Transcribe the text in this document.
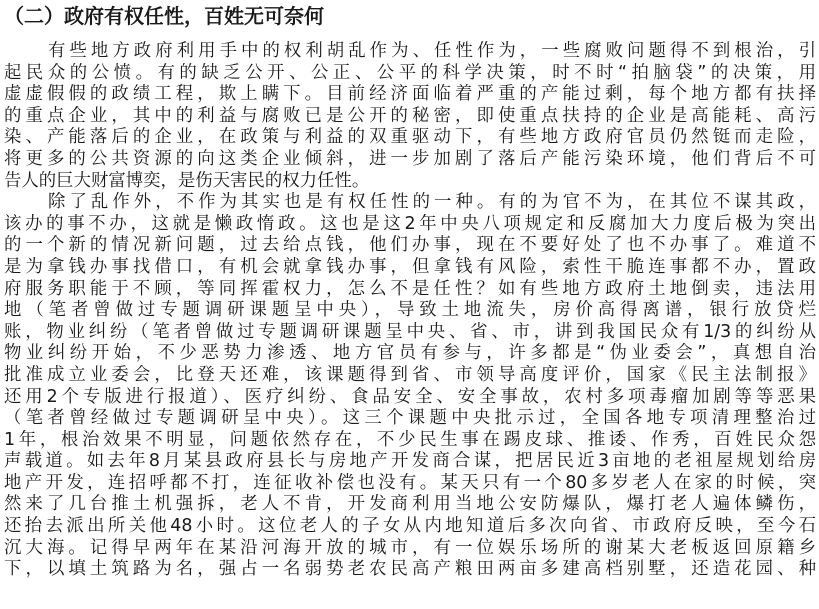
（二）政府有权任性，百姓无可奈何
有些地方政府利用手中的权利胡乱作为、任性作为，一些腐败问题得不到根治，引
起民众的公愤。有的缺乏公开、公正、公平的科学决策，时不时“拍脑袋”的决策，用
虚虚假假的政绩工程，欺上瞒下。目前经济面临着严重的产能过剩，每个地方都有扶择
的重点企业，其中的利益与腐败已是公开的秘密，即使重点扶持的企业是高能耗、高污
染、产能落后的企业，在政策与利益的双重驱动下，有些地方政府官员仍然铤而走险，
将更多的公共资源的向这类企业倾斜，进一步加剧了落后产能污染环境，他们背后不可
告人的巨大财富博奕，是伤天害民的权力任性。
除了乱作外，不作为其实也是有权任性的一种。有的为官不为，在其位不谋其政，
该办的事不办，这就是懒政惰政。这也是这2年中央八项规定和反腐加大力度后极为突出
的一个新的情况新问题，过去给点钱，他们办事，现在不要好处了也不办事了。难道不
是为拿钱办事找借口，有机会就拿钱办事，但拿钱有风险，索性干脆连事都不办，置政
府服务职能于不顾，等同挥霍权力，怎么不是任性？如有些地方政府土地倒卖，违法用
地（笔者曾做过专题调研课题呈中央），导致土地流失，房价高得离谱，银行放贷烂
账，物业纠纷（笔者曾做过专题调研课题呈中央、省、市，讲到我国民众有1/3的纠纷从
物业纠纷开始，不少恶势力渗透、地方官员有参与，许多都是“伪业委会”，真想自治
批准成立业委会，比登天还难，该课题得到省、市领导高度评价，国家《民主法制报》
还用2个专版进行报道）、医疗纠纷、食品安全、安全事故，农村多项毒瘤加剧等等恶果
（笔者曾经做过专题调研呈中央）。这三个课题中央批示过，全国各地专项清理整治过
1年，根治效果不明显，问题依然存在，不少民生事在踢皮球、推诿、作秀，百姓民众怨
声载道。如去年8月某县政府县长与房地产开发商合谋，把居民近3亩地的老祖屋规划给房
地产开发，连招呼都不打，连征收补偿也没有。某天只有一个80多岁老人在家的时候，突
然来了几台推土机强拆，老人不肯，开发商利用当地公安防爆队，爆打老人遍体鳞伤，
还抬去派出所关他48小时。这位老人的子女从内地知道后多次向省、市政府反映，至今石
沉大海。记得早两年在某沿河海开放的城市，有一位娱乐场所的谢某大老板返回原籍乡
下，以填土筑路为名，强占一名弱势老农民高产粮田两亩多建高档别墅，还造花园、种
